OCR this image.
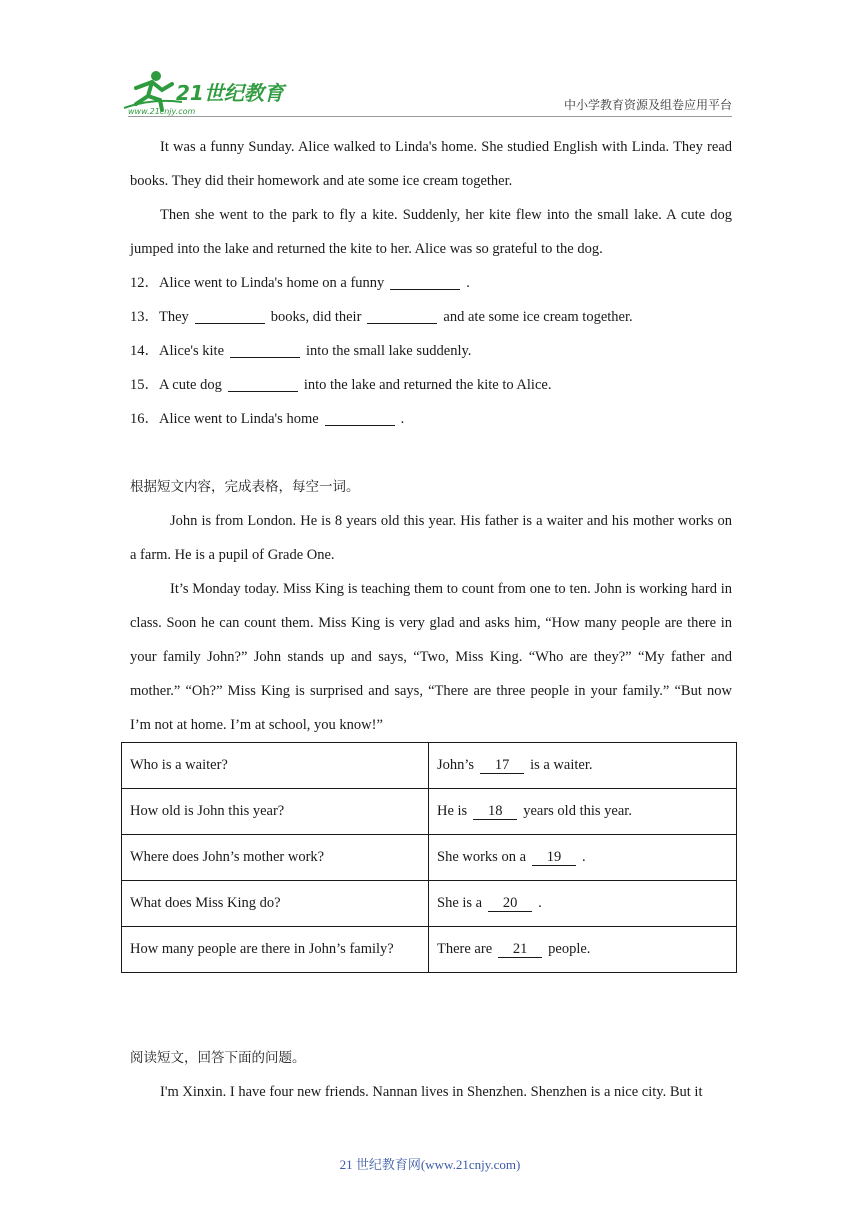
21世纪教育
www.21cnjy.com	中小学教育资源及组卷应用平台

It was a funny Sunday. Alice walked to Linda's home. She studied English with Linda. They read books. They did their homework and ate some ice cream together.

Then she went to the park to fly a kite. Suddenly, her kite flew into the small lake. A cute dog jumped into the lake and returned the kite to her. Alice was so grateful to the dog.

12．Alice went to Linda's home on a funny	.

13．They	books, did their	and ate some ice cream together.

14．Alice's kite	into the small lake suddenly.

15．A cute dog	into the lake and returned the kite to Alice.

16．Alice went to Linda's home	.

根据短文内容，完成表格，每空一词。

John is from London. He is 8 years old this year. His father is a waiter and his mother works on a farm. He is a pupil of Grade One.

It’s Monday today. Miss King is teaching them to count from one to ten. John is working hard in class. Soon he can count them. Miss King is very glad and asks him, “How many people are there in your family John?” John stands up and says, “Two, Miss King. “Who are they?” “My father and mother.” “Oh?” Miss King is surprised and says, “There are three people in your family.” “But now I’m not at home. I’m at school, you know!”

Who is a waiter?	John’s 17 is a waiter.
How old is John this year?	He is 18 years old this year.
Where does John’s mother work?	She works on a 19 .
What does Miss King do?	She is a 20 .
How many people are there in John’s family?	There are 21 people.

阅读短文，回答下面的问题。

I'm Xinxin. I have four new friends. Nannan lives in Shenzhen. Shenzhen is a nice city. But it

21 世纪教育网(www.21cnjy.com)
